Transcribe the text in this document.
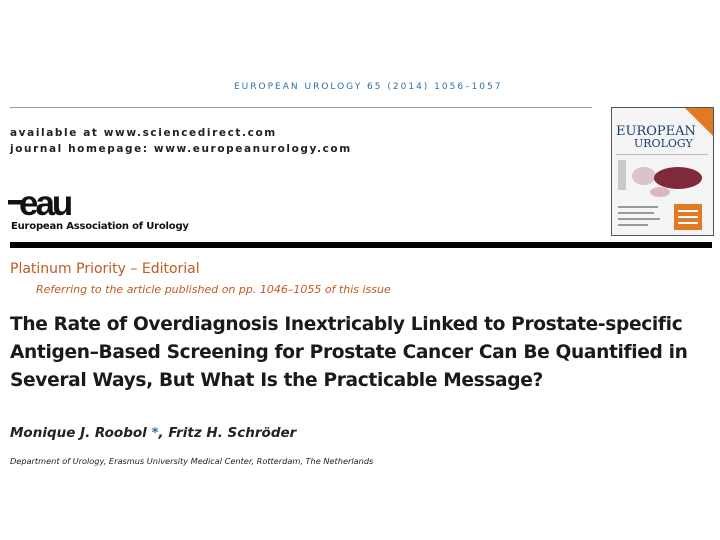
EUROPEAN UROLOGY 65 (2014) 1056–1057
available at www.sciencedirect.com
journal homepage: www.europeanurology.com
eau
European Association of Urology
EUROPEAN
UROLOGY
Platinum Priority – Editorial
Referring to the article published on pp. 1046–1055 of this issue
The Rate of Overdiagnosis Inextricably Linked to Prostate-specific
Antigen–Based Screening for Prostate Cancer Can Be Quantified in
Several Ways, But What Is the Practicable Message?
Monique J. Roobol *, Fritz H. Schröder
Department of Urology, Erasmus University Medical Center, Rotterdam, The Netherlands
